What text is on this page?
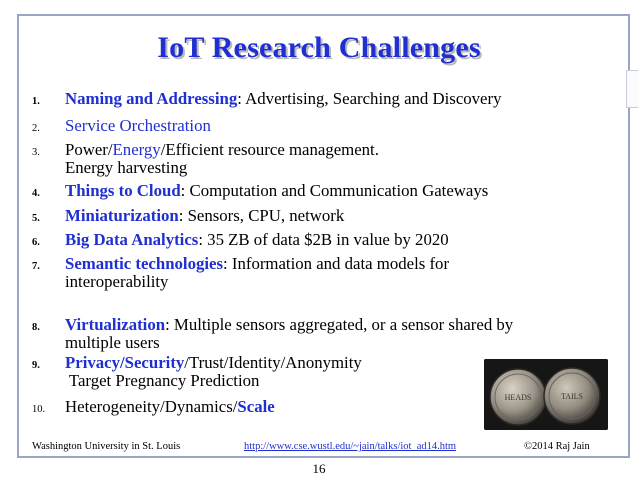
IoT Research Challenges
1.	Naming and Addressing: Advertising, Searching and Discovery
2.	Service Orchestration
3.	Power/Energy/Efficient resource management.
Energy harvesting
4.	Things to Cloud: Computation and Communication Gateways
5.	Miniaturization: Sensors, CPU, network
6.	Big Data Analytics: 35 ZB of data $2B in value by 2020
7.	Semantic technologies: Information and data models for
interoperability
8.	Virtualization: Multiple sensors aggregated, or a sensor shared by
multiple users
9.	Privacy/Security/Trust/Identity/Anonymity
Target Pregnancy Prediction
10.	Heterogeneity/Dynamics/Scale	HEADS	TAILS
Washington University in St. Louis	http://www.cse.wustl.edu/~jain/talks/iot_ad14.htm	©2014 Raj Jain
16
